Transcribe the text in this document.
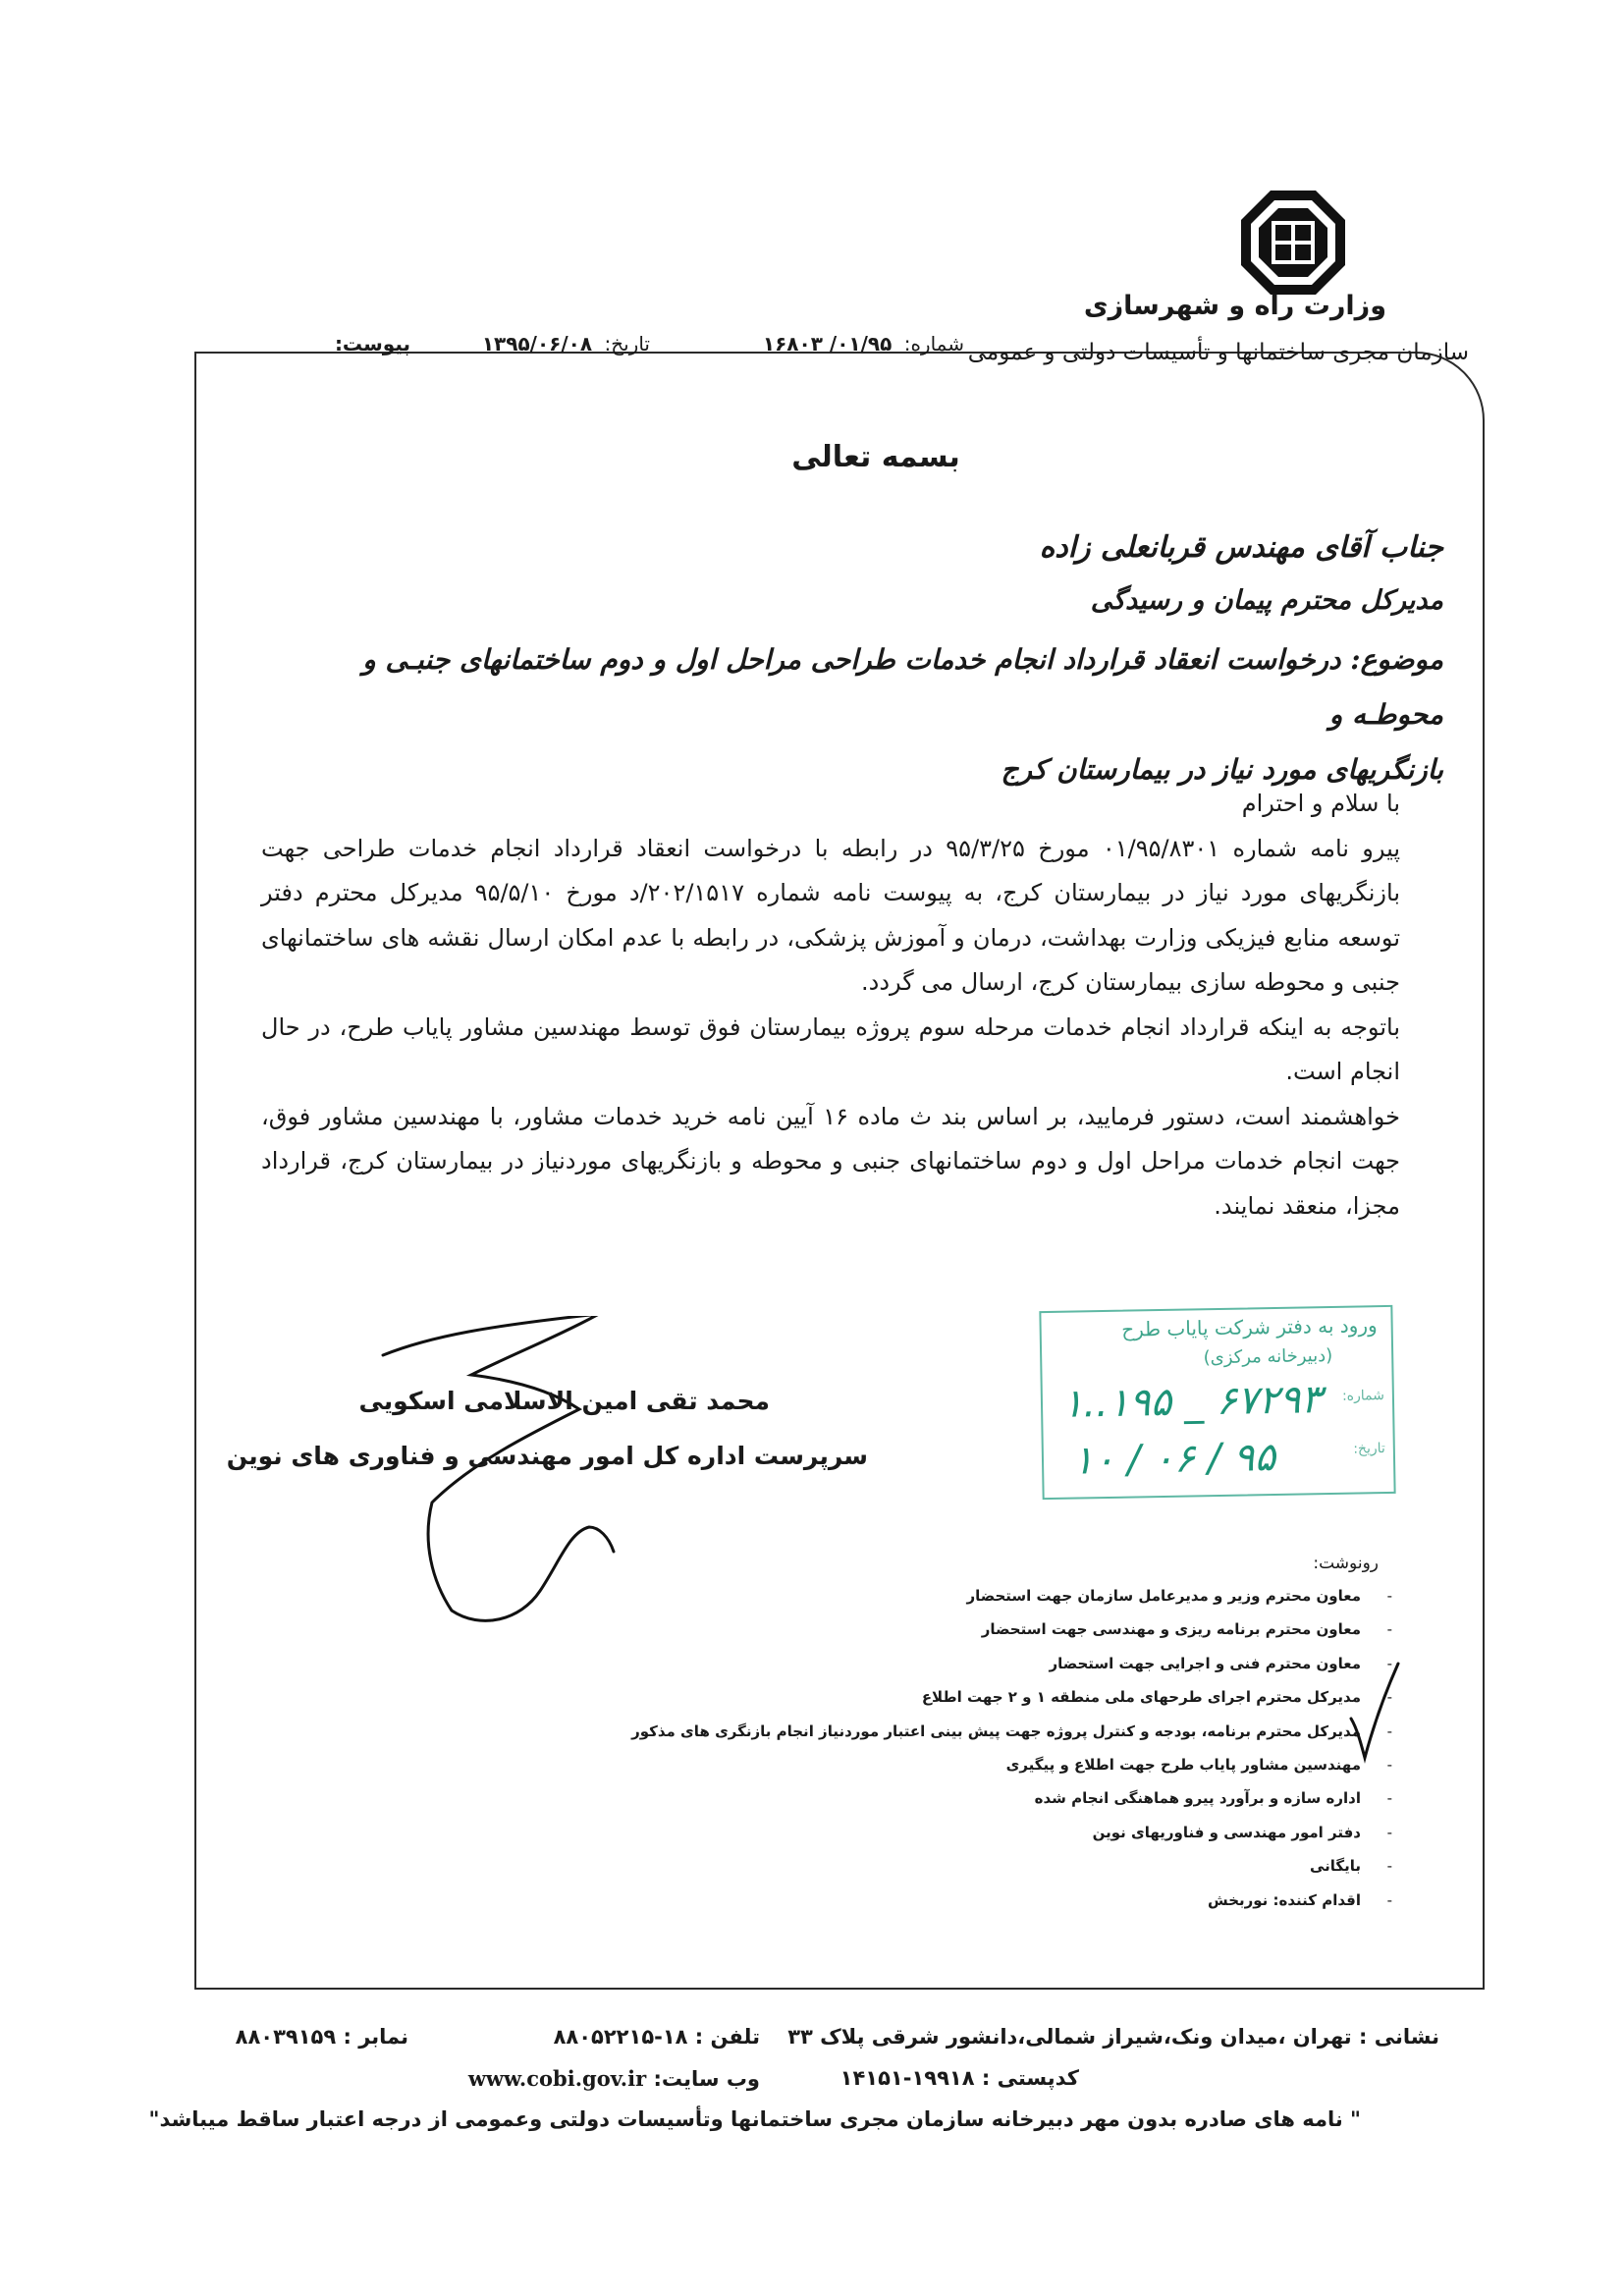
وزارت راه و شهرسازی
سازمان مجری ساختمانها و تأسیسات دولتی و عمومی
شماره: ۰۱/۹۵/ ۱۶۸۰۳
تاریخ: ۱۳۹۵/۰۶/۰۸
پیوست:
بسمه تعالی
جناب آقای مهندس قربانعلی زاده
مدیرکل محترم پیمان و رسیدگی
موضوع: درخواست انعقاد قرارداد انجام خدمات طراحی مراحل اول و دوم ساختمانهای جنبـی و محوطـه و
بازنگریهای مورد نیاز در بیمارستان کرج

با سلام و احترام

پیرو نامه شماره ۰۱/۹۵/۸۳۰۱ مورخ ۹۵/۳/۲۵ در رابطه با درخواست انعقاد قرارداد انجام خدمات طراحی جهت بازنگریهای مورد نیاز در بیمارستان کرج، به پیوست نامه شماره ۲۰۲/۱۵۱۷/د مورخ ۹۵/۵/۱۰ مدیرکل محترم دفتر توسعه منابع فیزیکی وزارت بهداشت، درمان و آموزش پزشکی، در رابطه با عدم امکان ارسال نقشه های ساختمانهای جنبی و محوطه سازی بیمارستان کرج، ارسال می گردد.

باتوجه به اینکه قرارداد انجام خدمات مرحله سوم پروژه بیمارستان فوق توسط مهندسین مشاور پایاب طرح، در حال انجام است.

خواهشمند است، دستور فرمایید، بر اساس بند ث ماده ۱۶ آیین نامه خرید خدمات مشاور، با مهندسین مشاور فوق، جهت انجام خدمات مراحل اول و دوم ساختمانهای جنبی و محوطه و بازنگریهای موردنیاز در بیمارستان کرج، قرارداد مجزا، منعقد نمایند.

محمد تقی امین الاسلامی اسکویی
سرپرست اداره کل امور مهندسی و فناوری های نوین
ورود به دفتر شرکت پایاب طرح
(دبیرخانه مرکزی)
شماره:
۱..۱۹۵ _ ۶۷۲۹۳
تاریخ:
۹۵ / ۰۶ / ۱۰
رونوشت:
-
معاون محترم وزیر و مدیرعامل سازمان جهت استحضار
-
معاون محترم برنامه ریزی و مهندسی جهت استحضار
-
معاون محترم فنی و اجرایی جهت استحضار
-
مدیرکل محترم اجرای طرحهای ملی منطقه ۱ و ۲ جهت اطلاع
-
مدیرکل محترم برنامه، بودجه و کنترل پروژه جهت پیش بینی اعتبار موردنیاز انجام بازنگری های مذکور
-
مهندسین مشاور پایاب طرح جهت اطلاع و پیگیری
-
اداره سازه و برآورد پیرو هماهنگی انجام شده
-
دفتر امور مهندسی و فناوریهای نوین
-
بایگانی
-
اقدام کننده: نوربخش
نشانی : تهران ،میدان ونک،شیراز شمالی،دانشور شرقی پلاک ۳۳
تلفن : ۱۸-۸۸۰۵۲۲۱۵
نمابر : ۸۸۰۳۹۱۵۹
کدپستی : ۱۹۹۱۸-۱۴۱۵۱
وب سایت: www.cobi.gov.ir
" نامه های صادره بدون مهر دبیرخانه سازمان مجری ساختمانها وتأسیسات دولتی وعمومی از درجه اعتبار ساقط میباشد"
